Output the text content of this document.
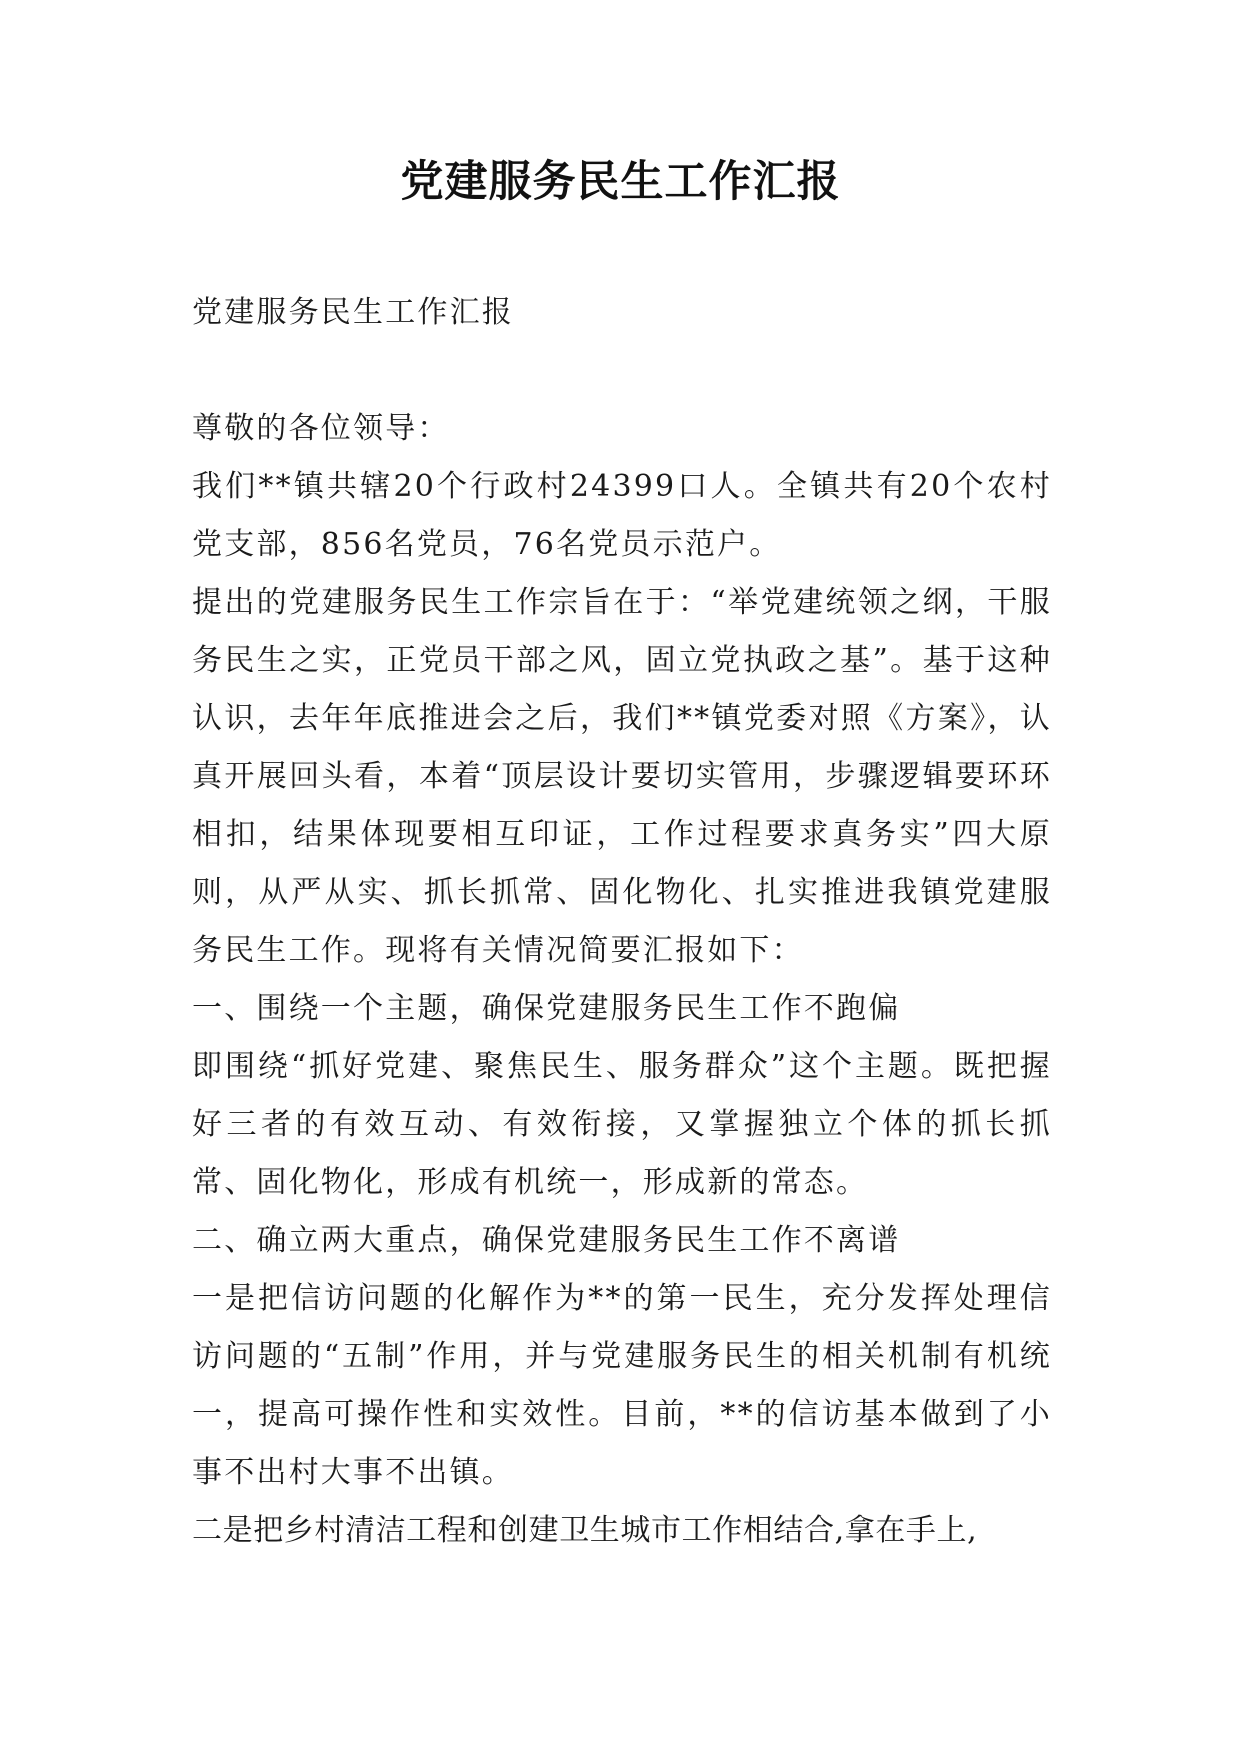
党建服务民生工作汇报

党建服务民生工作汇报

尊敬的各位领导：

我们**镇共辖20个行政村24399口人。全镇共有20个农村党支部，856名党员，76名党员示范户。

提出的党建服务民生工作宗旨在于：“举党建统领之纲，干服务民生之实，正党员干部之风，固立党执政之基”。基于这种认识，去年年底推进会之后，我们**镇党委对照《方案》，认真开展回头看，本着“顶层设计要切实管用，步骤逻辑要环环相扣，结果体现要相互印证，工作过程要求真务实”四大原则，从严从实、抓长抓常、固化物化、扎实推进我镇党建服务民生工作。现将有关情况简要汇报如下：

一、围绕一个主题，确保党建服务民生工作不跑偏

即围绕“抓好党建、聚焦民生、服务群众”这个主题。既把握好三者的有效互动、有效衔接，又掌握独立个体的抓长抓常、固化物化，形成有机统一，形成新的常态。

二、确立两大重点，确保党建服务民生工作不离谱

一是把信访问题的化解作为**的第一民生，充分发挥处理信访问题的“五制”作用，并与党建服务民生的相关机制有机统一，提高可操作性和实效性。目前，**的信访基本做到了小事不出村大事不出镇。

二是把乡村清洁工程和创建卫生城市工作相结合,拿在手上,
